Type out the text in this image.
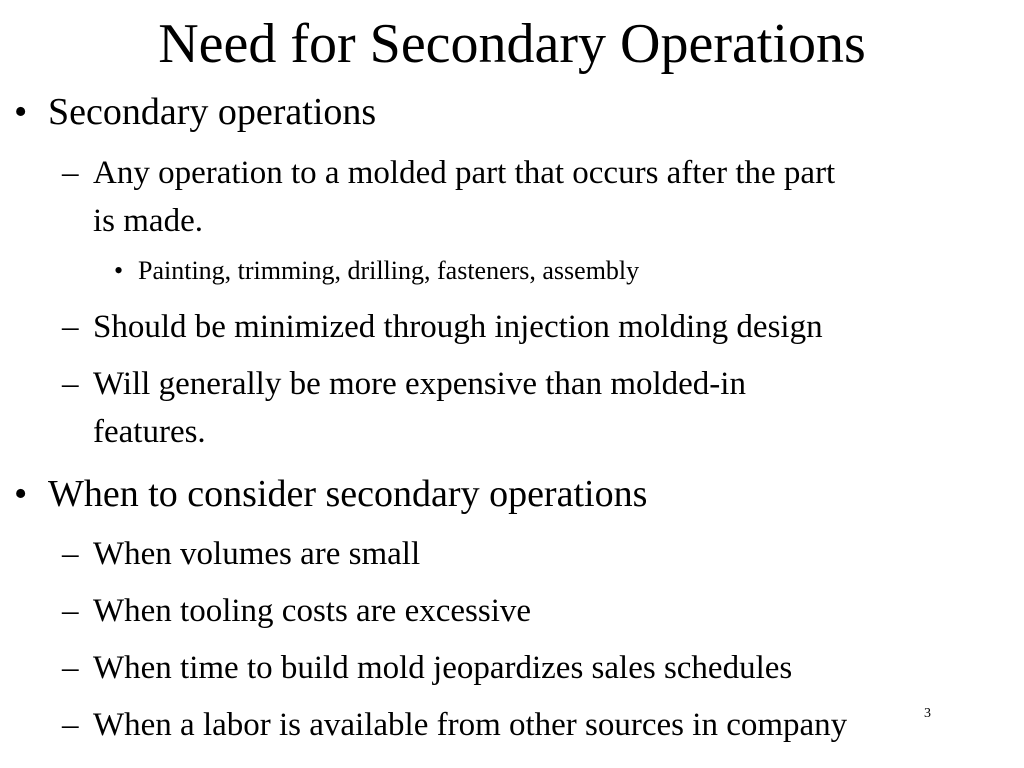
Need for Secondary Operations
• Secondary operations
– Any operation to a molded part that occurs after the part
is made.
• Painting, trimming, drilling, fasteners, assembly
– Should be minimized through injection molding design
– Will generally be more expensive than molded-in
features.
• When to consider secondary operations
– When volumes are small
– When tooling costs are excessive
– When time to build mold jeopardizes sales schedules
– When a labor is available from other sources in company	3
